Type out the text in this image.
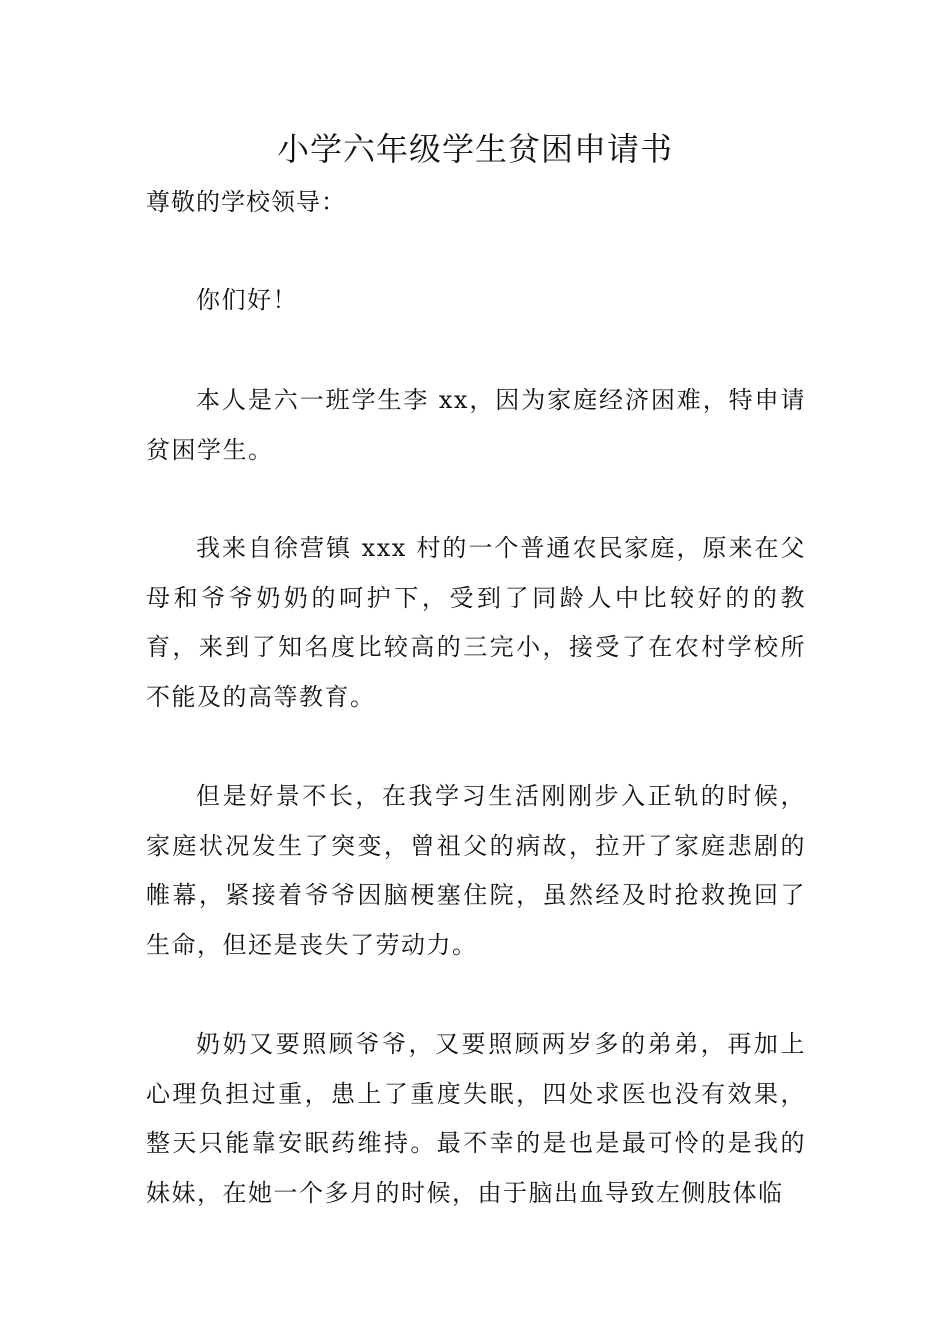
小学六年级学生贫困申请书
尊敬的学校领导：

你们好！

本人是六一班学生李 xx，因为家庭经济困难，特申请贫困学生。

我来自徐营镇 xxx 村的一个普通农民家庭，原来在父母和爷爷奶奶的呵护下，受到了同龄人中比较好的的教育，来到了知名度比较高的三完小，接受了在农村学校所不能及的高等教育。

但是好景不长，在我学习生活刚刚步入正轨的时候，家庭状况发生了突变，曾祖父的病故，拉开了家庭悲剧的帷幕，紧接着爷爷因脑梗塞住院，虽然经及时抢救挽回了生命，但还是丧失了劳动力。

奶奶又要照顾爷爷，又要照顾两岁多的弟弟，再加上心理负担过重，患上了重度失眠，四处求医也没有效果，整天只能靠安眠药维持。最不幸的是也是最可怜的是我的妹妹，在她一个多月的时候，由于脑出血导致左侧肢体临
